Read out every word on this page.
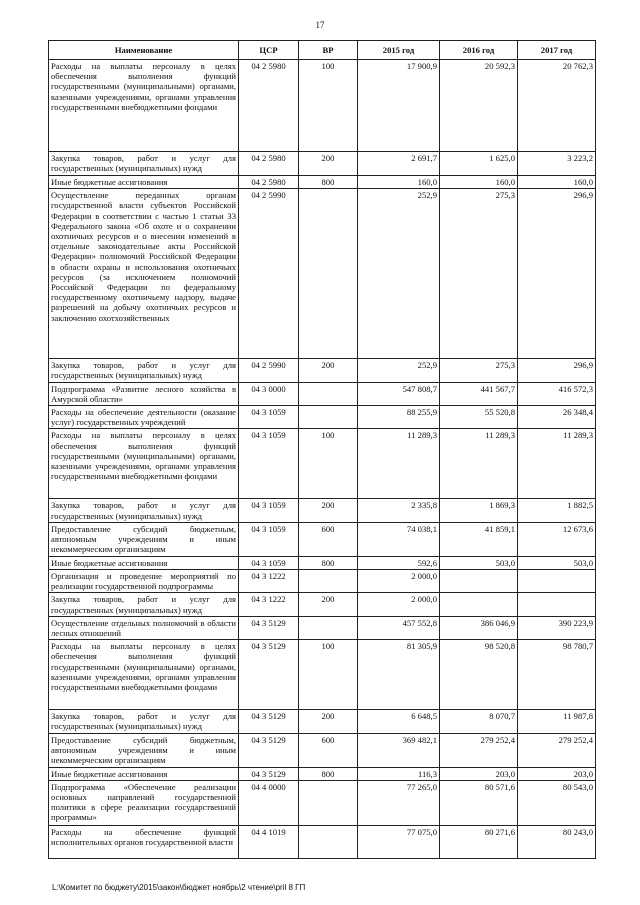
17
Наименование	ЦСР	ВР	2015 год	2016 год	2017 год
Расходы на выплаты персоналу в целях обеспечения выполнения функций государственными (муниципальными) органами, казенными учреждениями, органами управления государственными внебюджетными фондами	04 2 5980	100	17 900,9	20 592,3	20 762,3
Закупка товаров, работ и услуг для государственных (муниципальных) нужд	04 2 5980	200	2 691,7	1 625,0	3 223,2
Иные бюджетные ассигнования	04 2 5980	800	160,0	160,0	160,0
Осуществление переданных органам государственной власти субъектов Российской Федерации в соответствии с частью 1 статьи 33 Федерального закона «Об охоте и о сохранении охотничьих ресурсов и о внесении изменений в отдельные законодательные акты Российской Федерации» полномочий Российской Федерации в области охраны и использования охотничьих ресурсов (за исключением полномочий Российской Федерации по федеральному государственному охотничьему надзору, выдаче разрешений на добычу охотничьих ресурсов и заключению охотхозяйственных	04 2 5990		252,9	275,3	296,9
Закупка товаров, работ и услуг для государственных (муниципальных) нужд	04 2 5990	200	252,9	275,3	296,9
Подпрограмма «Развитие лесного хозяйства в Амурской области»	04 3 0000		547 808,7	441 567,7	416 572,3
Расходы на обеспечение деятельности (оказание услуг) государственных учреждений	04 3 1059		88 255,9	55 520,8	26 348,4
Расходы на выплаты персоналу в целях обеспечения выполнения функций государственными (муниципальными) органами, казенными учреждениями, органами управления государственными внебюджетными фондами	04 3 1059	100	11 289,3	11 289,3	11 289,3
Закупка товаров, работ и услуг для государственных (муниципальных) нужд	04 3 1059	200	2 335,8	1 869,3	1 882,5
Предоставление субсидий бюджетным, автономным учреждениям и иным некоммерческим организациям	04 3 1059	600	74 038,1	41 859,1	12 673,6
Иные бюджетные ассигнования	04 3 1059	800	592,6	503,0	503,0
Организация и проведение мероприятий по реализации государственной подпрограммы	04 3 1222		2 000,0		
Закупка товаров, работ и услуг для государственных (муниципальных) нужд	04 3 1222	200	2 000,0		
Осуществление отдельных полномочий в области лесных отношений	04 3 5129		457 552,8	386 046,9	390 223,9
Расходы на выплаты персоналу в целях обеспечения выполнения функций государственными (муниципальными) органами, казенными учреждениями, органами управления государственными внебюджетными фондами	04 3 5129	100	81 305,9	98 520,8	98 780,7
Закупка товаров, работ и услуг для государственных (муниципальных) нужд	04 3 5129	200	6 648,5	8 070,7	11 987,8
Предоставление субсидий бюджетным, автономным учреждениям и иным некоммерческим организациям	04 3 5129	600	369 482,1	279 252,4	279 252,4
Иные бюджетные ассигнования	04 3 5129	800	116,3	203,0	203,0
Подпрограмма «Обеспечение реализации основных направлений государственной политики в сфере реализации государственной программы»	04 4 0000		77 265,0	80 571,6	80 543,0
Расходы на обеспечение функций исполнительных органов государственной власти	04 4 1019		77 075,0	80 271,6	80 243,0
L:\Комитет по бюджету\2015\закон\бюджет ноябрь\2 чтение\pril 8 ГП
